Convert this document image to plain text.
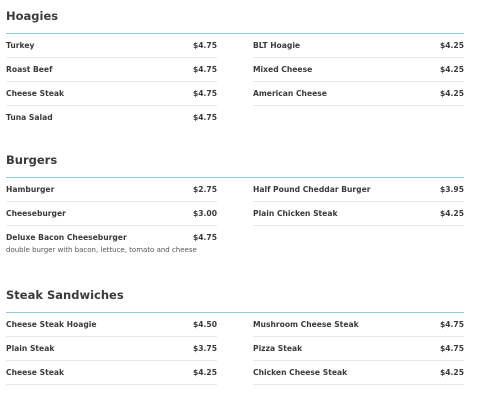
Hoagies
Turkey	$4.75
Roast Beef	$4.75
Cheese Steak	$4.75
Tuna Salad	$4.75
BLT Hoagie	$4.25
Mixed Cheese	$4.25
American Cheese	$4.25
Burgers
Hamburger	$2.75
Cheeseburger	$3.00
Deluxe Bacon Cheeseburger	$4.75
double burger with bacon, lettuce, tomato and cheese
Half Pound Cheddar Burger	$3.95
Plain Chicken Steak	$4.25
Steak Sandwiches
Cheese Steak Hoagie	$4.50
Plain Steak	$3.75
Cheese Steak	$4.25
Mushroom Cheese Steak	$4.75
Pizza Steak	$4.75
Chicken Cheese Steak	$4.25
